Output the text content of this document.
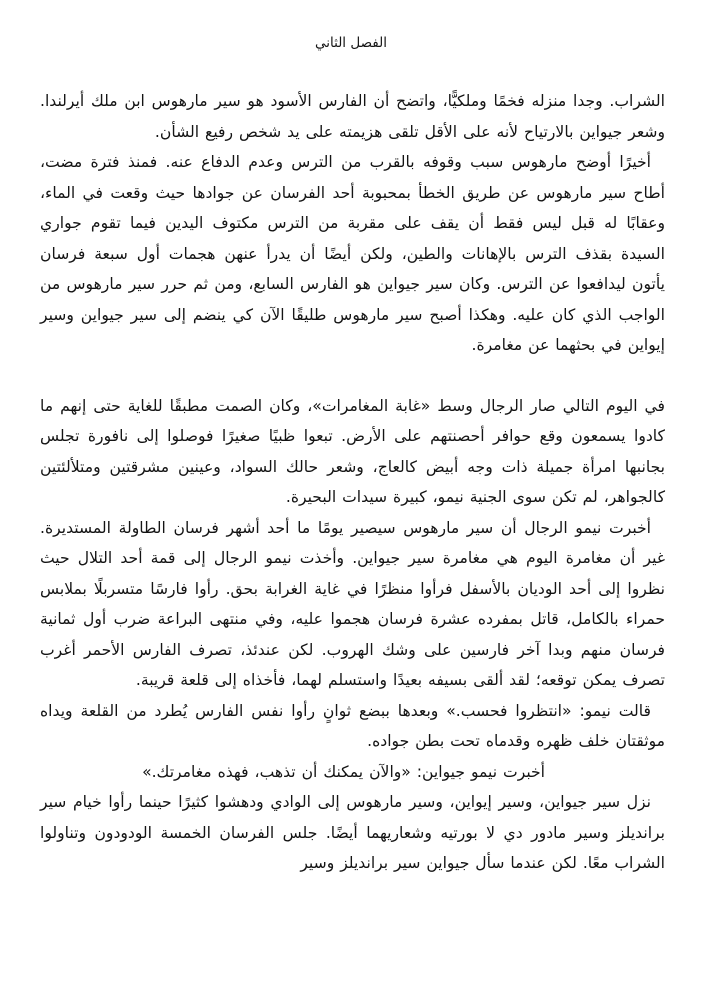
الفصل الثاني

الشراب. وجدا منزله فخمًا وملكيًّا، واتضح أن الفارس الأسود هو سير مارهوس ابن ملك أيرلندا. وشعر جيواين بالارتياح لأنه على الأقل تلقى هزيمته على يد شخص رفيع الشأن.

أخيرًا أوضح مارهوس سبب وقوفه بالقرب من الترس وعدم الدفاع عنه. فمنذ فترة مضت، أطاح سير مارهوس عن طريق الخطأ بمحبوبة أحد الفرسان عن جوادها حيث وقعت في الماء، وعقابًا له قبل ليس فقط أن يقف على مقربة من الترس مكتوف اليدين فيما تقوم جواري السيدة بقذف الترس بالإهانات والطين، ولكن أيضًا أن يدرأ عنهن هجمات أول سبعة فرسان يأتون ليدافعوا عن الترس. وكان سير جيواين هو الفارس السابع، ومن ثم حرر سير مارهوس من الواجب الذي كان عليه. وهكذا أصبح سير مارهوس طليقًا الآن كي ينضم إلى سير جيواين وسير إيواين في بحثهما عن مغامرة.

في اليوم التالي صار الرجال وسط «غابة المغامرات»، وكان الصمت مطبقًا للغاية حتى إنهم ما كادوا يسمعون وقع حوافر أحصنتهم على الأرض. تبعوا ظبيًا صغيرًا فوصلوا إلى نافورة تجلس بجانبها امرأة جميلة ذات وجه أبيض كالعاج، وشعر حالك السواد، وعينين مشرقتين ومتلألئتين كالجواهر، لم تكن سوى الجنية نيمو، كبيرة سيدات البحيرة.

أخبرت نيمو الرجال أن سير مارهوس سيصير يومًا ما أحد أشهر فرسان الطاولة المستديرة. غير أن مغامرة اليوم هي مغامرة سير جيواين. وأخذت نيمو الرجال إلى قمة أحد التلال حيث نظروا إلى أحد الوديان بالأسفل فرأوا منظرًا في غاية الغرابة بحق. رأوا فارسًا متسربلًا بملابس حمراء بالكامل، قاتل بمفرده عشرة فرسان هجموا عليه، وفي منتهى البراعة ضرب أول ثمانية فرسان منهم وبدا آخر فارسين على وشك الهروب. لكن عندئذ، تصرف الفارس الأحمر أغرب تصرف يمكن توقعه؛ لقد ألقى بسيفه بعيدًا واستسلم لهما، فأخذاه إلى قلعة قريبة.

قالت نيمو: «انتظروا فحسب.» وبعدها ببضع ثوانٍ رأوا نفس الفارس يُطرد من القلعة ويداه موثقتان خلف ظهره وقدماه تحت بطن جواده.

أخبرت نيمو جيواين: «والآن يمكنك أن تذهب، فهذه مغامرتك.»

نزل سير جيواين، وسير إيواين، وسير مارهوس إلى الوادي ودهشوا كثيرًا حينما رأوا خيام سير برانديلز وسير مادور دي لا بورتيه وشعاريهما أيضًا. جلس الفرسان الخمسة الودودون وتناولوا الشراب معًا. لكن عندما سأل جيواين سير برانديلز وسير
